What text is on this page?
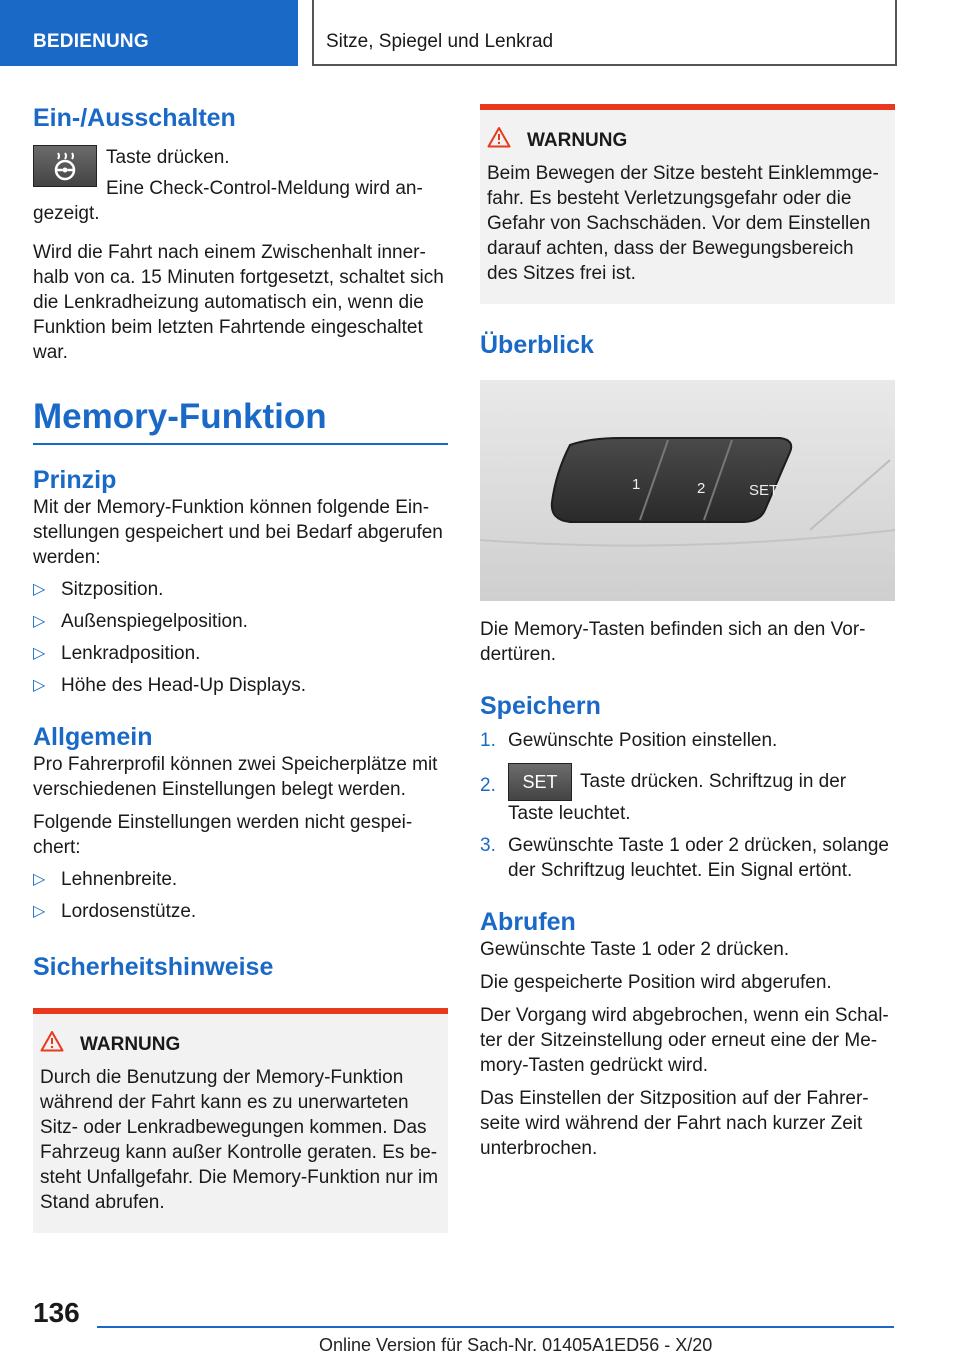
BEDIENUNG	Sitze, Spiegel und Lenkrad
Ein-/Ausschalten

Taste drücken.

Eine Check-Control-Meldung wird an-

gezeigt.

Wird die Fahrt nach einem Zwischenhalt inner-halb von ca. 15 Minuten fortgesetzt, schaltet sich die Lenkradheizung automatisch ein, wenn die Funktion beim letzten Fahrtende eingeschaltet war.

Memory-Funktion
Prinzip

Mit der Memory-Funktion können folgende Ein-stellungen gespeichert und bei Bedarf abgerufen werden:

▷ Sitzposition.
▷ Außenspiegelposition.
▷ Lenkradposition.
▷ Höhe des Head-Up Displays.
Allgemein

Pro Fahrerprofil können zwei Speicherplätze mit verschiedenen Einstellungen belegt werden.

Folgende Einstellungen werden nicht gespei-chert:

▷ Lehnenbreite.
▷ Lordosenstütze.
Sicherheitshinweise
WARNUNG

Durch die Benutzung der Memory-Funktion während der Fahrt kann es zu unerwarteten Sitz- oder Lenkradbewegungen kommen. Das Fahrzeug kann außer Kontrolle geraten. Es be-steht Unfallgefahr. Die Memory-Funktion nur im Stand abrufen.

WARNUNG

Beim Bewegen der Sitze besteht Einklemmge-fahr. Es besteht Verletzungsgefahr oder die Gefahr von Sachschäden. Vor dem Einstellen darauf achten, dass der Bewegungsbereich des Sitzes frei ist.

Überblick
1	2	SET

Die Memory-Tasten befinden sich an den Vor-dertüren.

Speichern
1. Gewünschte Position einstellen.
2. SET Taste drücken. Schriftzug in der Taste leuchtet.
3. Gewünschte Taste 1 oder 2 drücken, solange der Schriftzug leuchtet. Ein Signal ertönt.
Abrufen

Gewünschte Taste 1 oder 2 drücken.

Die gespeicherte Position wird abgerufen.

Der Vorgang wird abgebrochen, wenn ein Schal-ter der Sitzeinstellung oder erneut eine der Me-mory-Tasten gedrückt wird.

Das Einstellen der Sitzposition auf der Fahrer-seite wird während der Fahrt nach kurzer Zeit unterbrochen.

136
Online Version für Sach-Nr. 01405A1ED56 - X/20
